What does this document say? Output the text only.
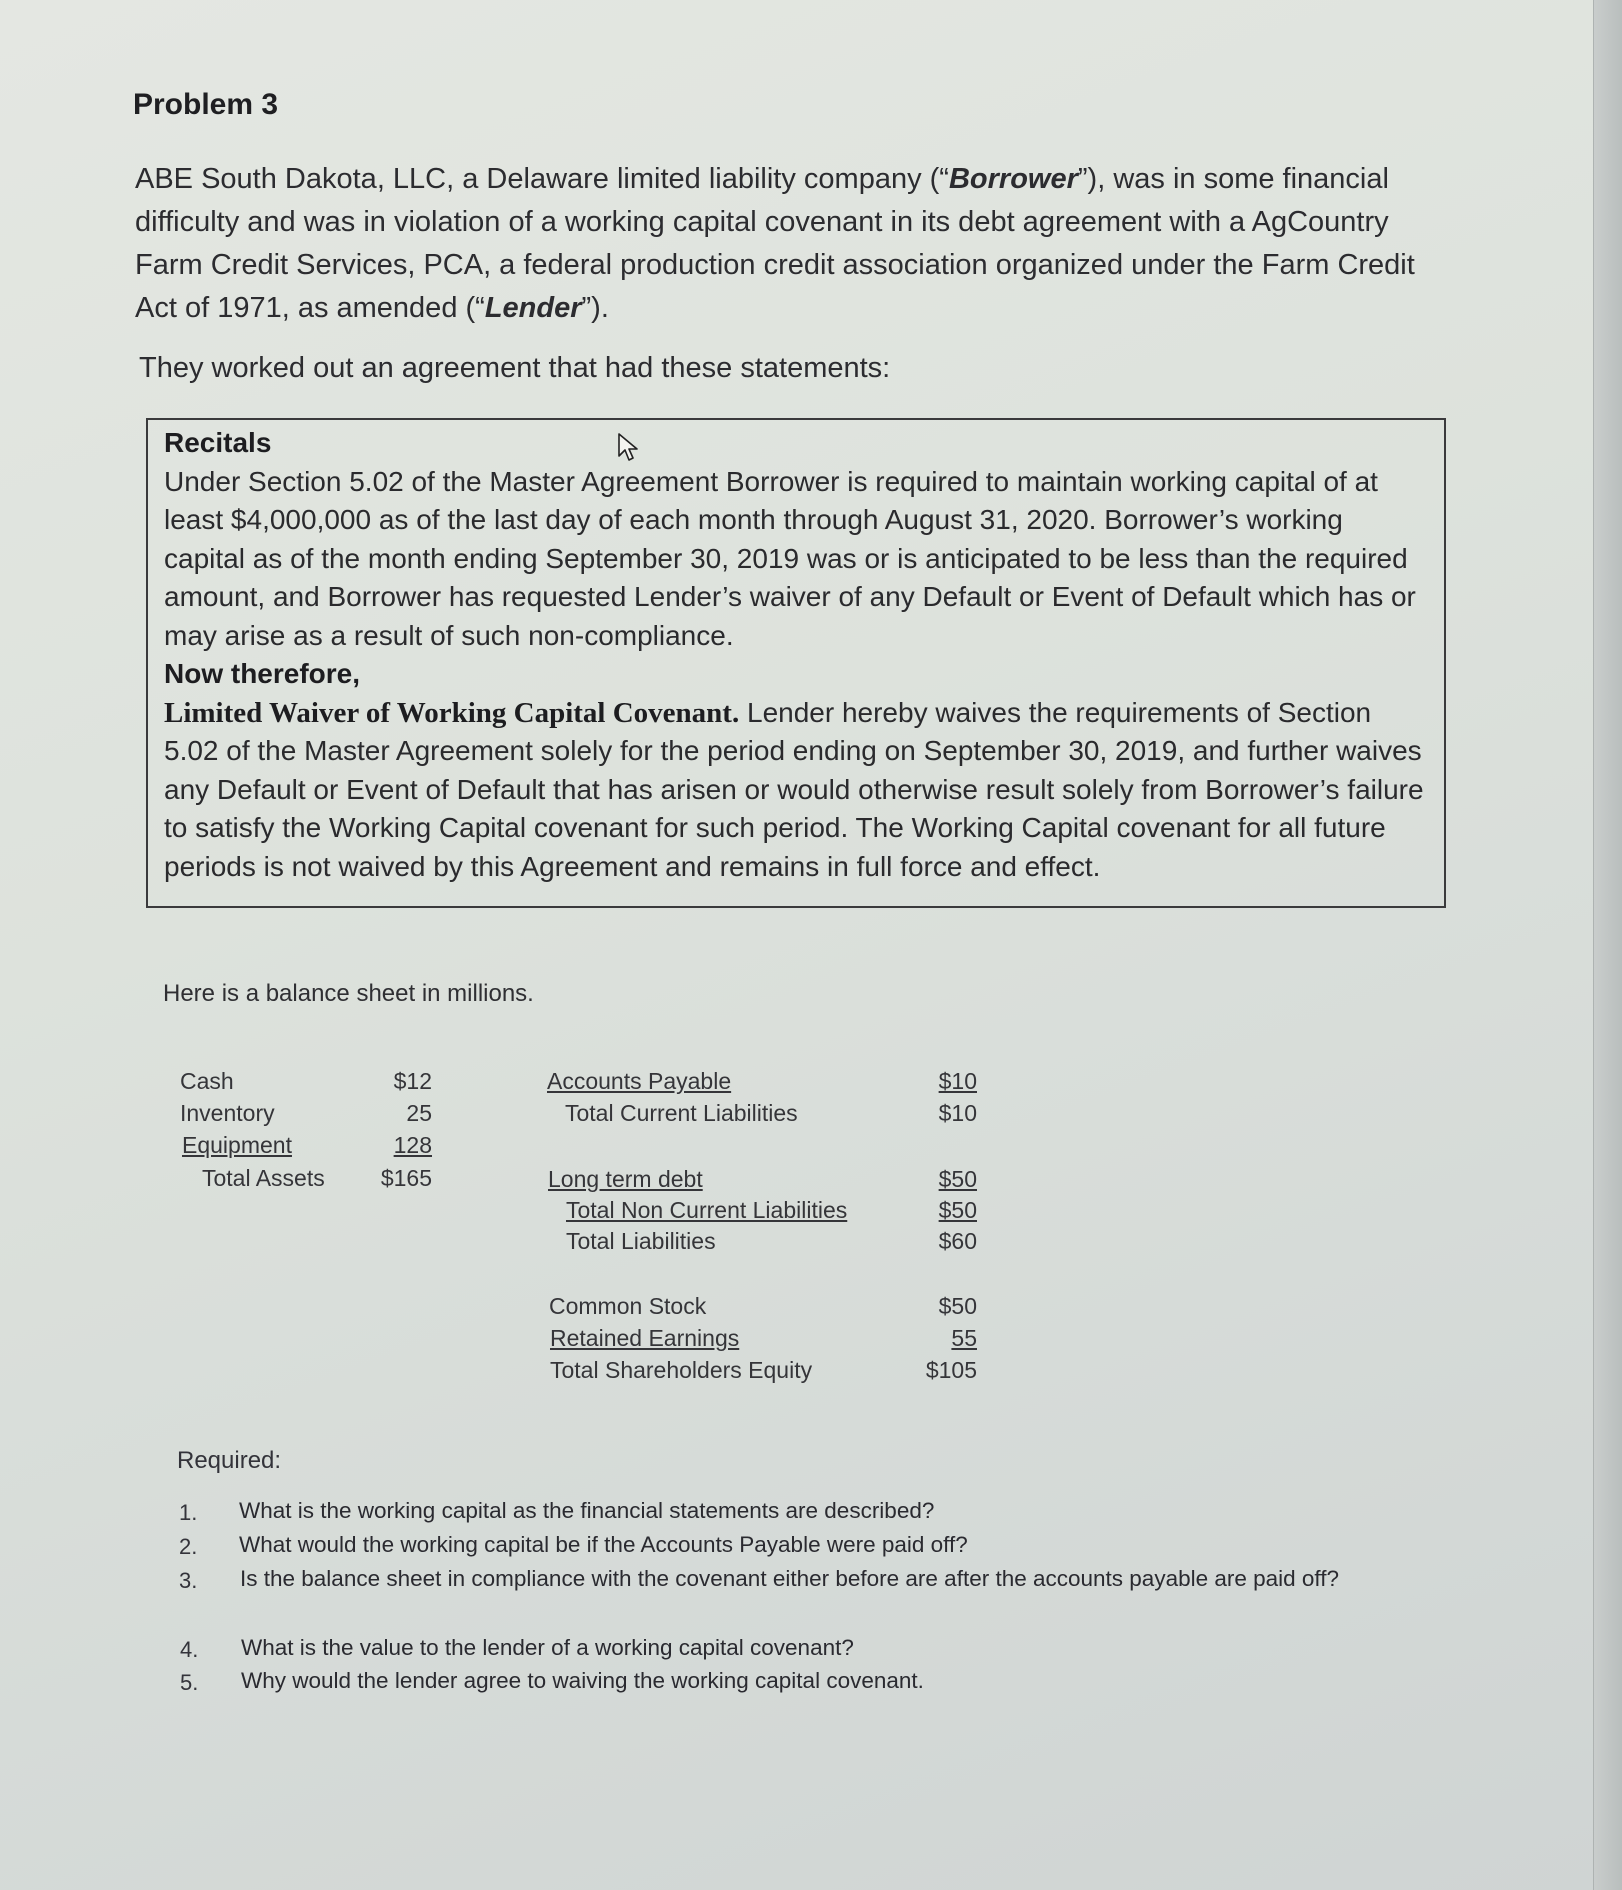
Problem 3
ABE South Dakota, LLC, a Delaware limited liability company (“Borrower”), was in some financial difficulty and was in violation of a working capital covenant in its debt agreement with a AgCountry Farm Credit Services, PCA, a federal production credit association organized under the Farm Credit Act of 1971, as amended (“Lender”).
They worked out an agreement that had these statements:
Recitals
Under Section 5.02 of the Master Agreement Borrower is required to maintain working capital of at least $4,000,000 as of the last day of each month through August 31, 2020. Borrower’s working capital as of the month ending September 30, 2019 was or is anticipated to be less than the required amount, and Borrower has requested Lender’s waiver of any Default or Event of Default which has or may arise as a result of such non-compliance.
Now therefore,
Limited Waiver of Working Capital Covenant. Lender hereby waives the requirements of Section 5.02 of the Master Agreement solely for the period ending on September 30, 2019, and further waives any Default or Event of Default that has arisen or would otherwise result solely from Borrower’s failure to satisfy the Working Capital covenant for such period. The Working Capital covenant for all future periods is not waived by this Agreement and remains in full force and effect.
Here is a balance sheet in millions.
Cash	$12
Inventory	25
Equipment	128
Total Assets	$165
Accounts Payable	$10
Total Current Liabilities	$10
Long term debt	$50
Total Non Current Liabilities	$50
Total Liabilities	$60
Common Stock	$50
Retained Earnings	55
Total Shareholders Equity	$105
Required:
1. What is the working capital as the financial statements are described?
2. What would the working capital be if the Accounts Payable were paid off?
3. Is the balance sheet in compliance with the covenant either before are after the accounts payable are paid off?
4. What is the value to the lender of a working capital covenant?
5. Why would the lender agree to waiving the working capital covenant.
